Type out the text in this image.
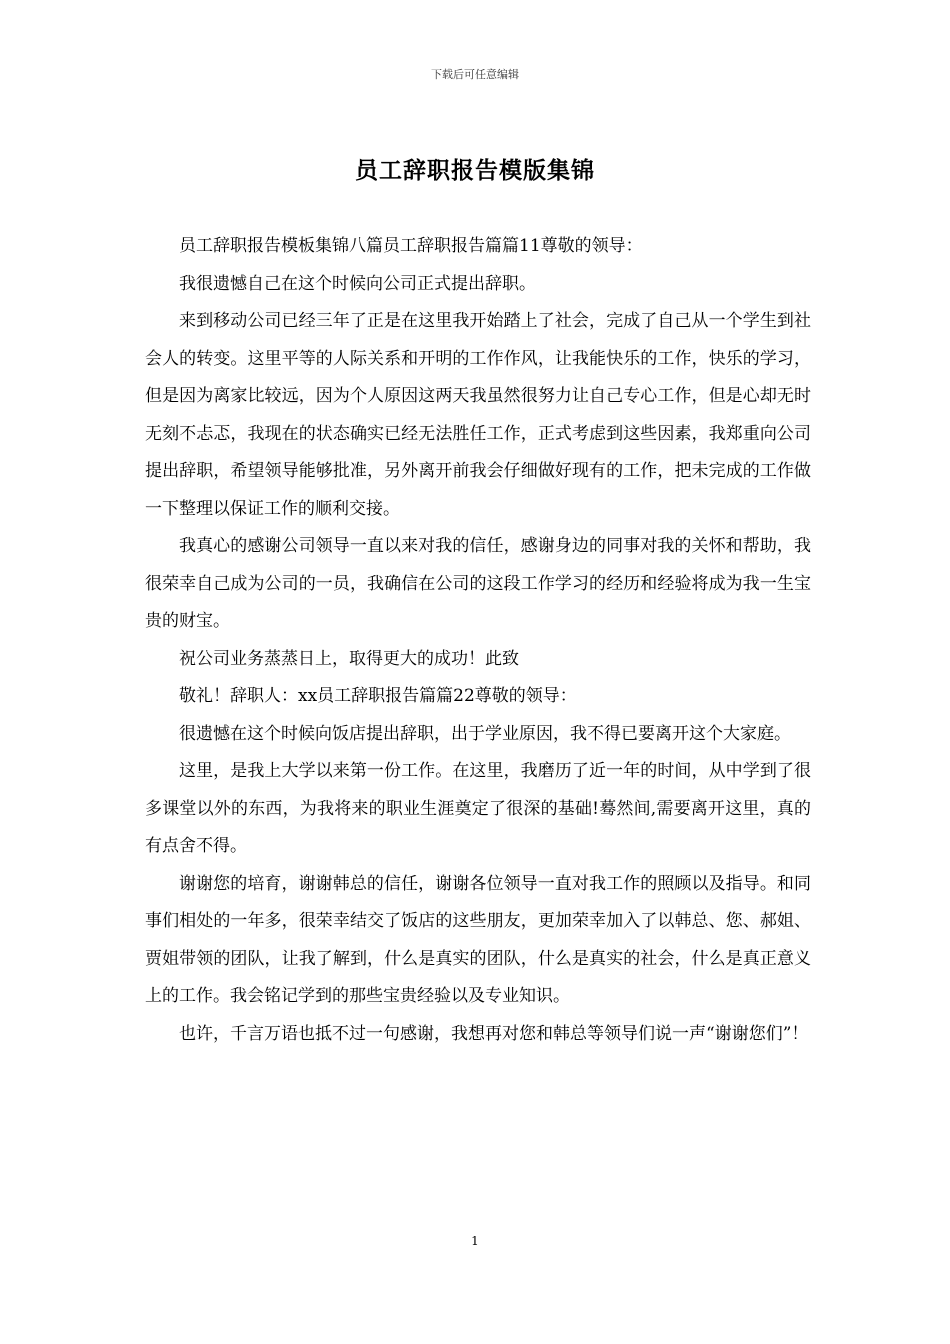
下载后可任意编辑
员工辞职报告模版集锦

员工辞职报告模板集锦八篇员工辞职报告篇篇11尊敬的领导：

我很遗憾自己在这个时候向公司正式提出辞职。

来到移动公司已经三年了正是在这里我开始踏上了社会，完成了自己从一个学生到社会人的转变。这里平等的人际关系和开明的工作作风，让我能快乐的工作，快乐的学习，但是因为离家比较远，因为个人原因这两天我虽然很努力让自己专心工作，但是心却无时无刻不忐忑，我现在的状态确实已经无法胜任工作，正式考虑到这些因素，我郑重向公司提出辞职，希望领导能够批准，另外离开前我会仔细做好现有的工作，把未完成的工作做一下整理以保证工作的顺利交接。

我真心的感谢公司领导一直以来对我的信任，感谢身边的同事对我的关怀和帮助，我很荣幸自己成为公司的一员，我确信在公司的这段工作学习的经历和经验将成为我一生宝贵的财宝。

祝公司业务蒸蒸日上，取得更大的成功！此致

敬礼！辞职人：xx员工辞职报告篇篇22尊敬的领导：

很遗憾在这个时候向饭店提出辞职，出于学业原因，我不得已要离开这个大家庭。

这里，是我上大学以来第一份工作。在这里，我磨历了近一年的时间，从中学到了很多课堂以外的东西，为我将来的职业生涯奠定了很深的基础!蓦然间,需要离开这里，真的有点舍不得。

谢谢您的培育，谢谢韩总的信任，谢谢各位领导一直对我工作的照顾以及指导。和同事们相处的一年多，很荣幸结交了饭店的这些朋友，更加荣幸加入了以韩总、您、郝姐、贾姐带领的团队，让我了解到，什么是真实的团队，什么是真实的社会，什么是真正意义上的工作。我会铭记学到的那些宝贵经验以及专业知识。

也许，千言万语也抵不过一句感谢，我想再对您和韩总等领导们说一声“谢谢您们”！

1
